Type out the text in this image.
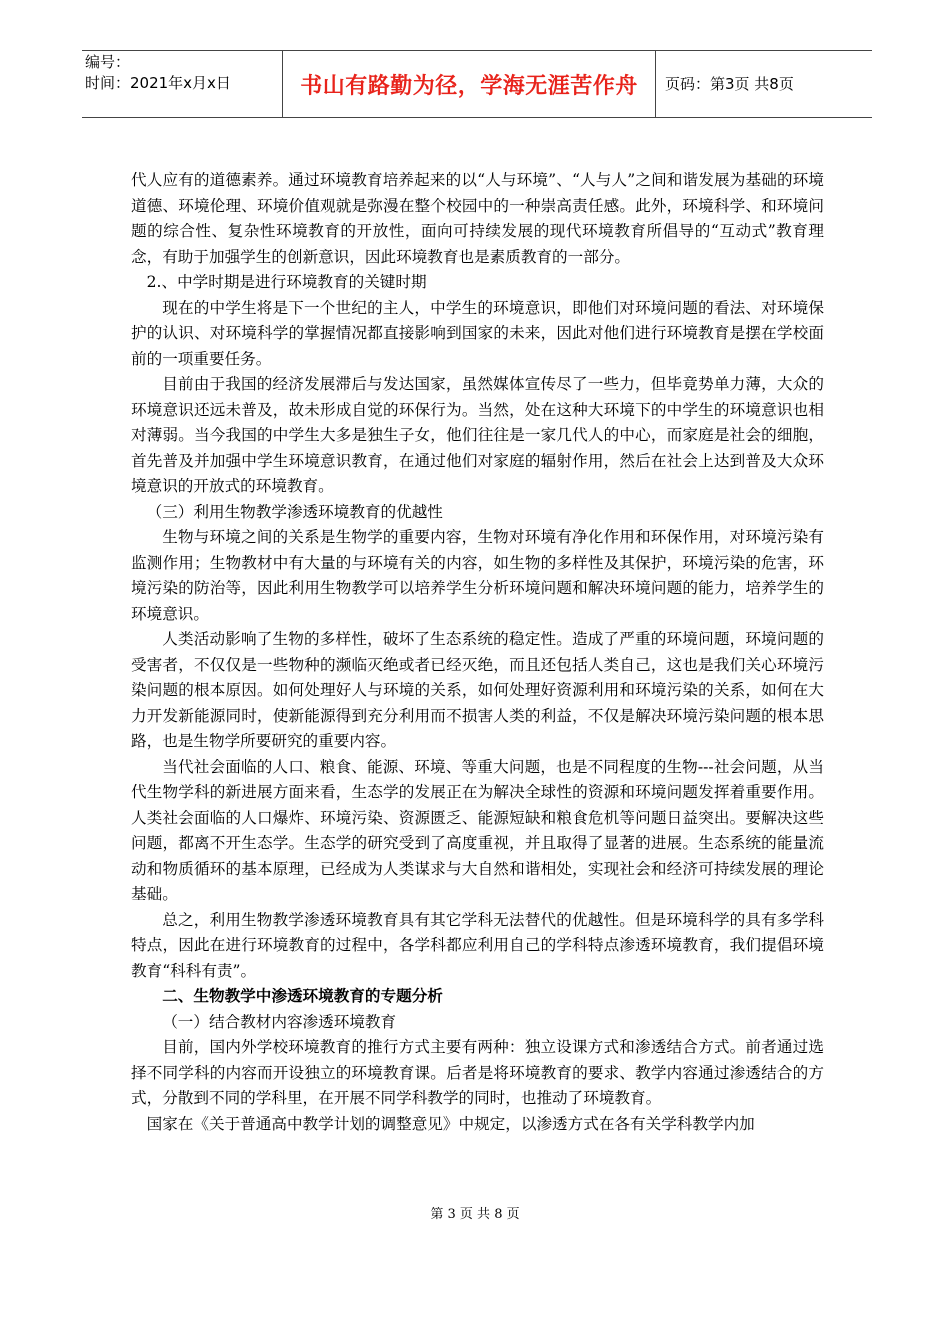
编号：
时间：2021年x月x日	书山有路勤为径，学海无涯苦作舟	页码：第3页 共8页

代人应有的道德素养。通过环境教育培养起来的以“人与环境”、“人与人”之间和谐发展为基础的环境道德、环境伦理、环境价值观就是弥漫在整个校园中的一种崇高责任感。此外，环境科学、和环境问题的综合性、复杂性环境教育的开放性，面向可持续发展的现代环境教育所倡导的“互动式”教育理念，有助于加强学生的创新意识，因此环境教育也是素质教育的一部分。

2.、中学时期是进行环境教育的关键时期

现在的中学生将是下一个世纪的主人，中学生的环境意识，即他们对环境问题的看法、对环境保护的认识、对环境科学的掌握情况都直接影响到国家的未来，因此对他们进行环境教育是摆在学校面前的一项重要任务。

目前由于我国的经济发展滞后与发达国家，虽然媒体宣传尽了一些力，但毕竟势单力薄，大众的环境意识还远未普及，故未形成自觉的环保行为。当然，处在这种大环境下的中学生的环境意识也相对薄弱。当今我国的中学生大多是独生子女，他们往往是一家几代人的中心，而家庭是社会的细胞，首先普及并加强中学生环境意识教育，在通过他们对家庭的辐射作用，然后在社会上达到普及大众环境意识的开放式的环境教育。

（三）利用生物教学渗透环境教育的优越性

生物与环境之间的关系是生物学的重要内容，生物对环境有净化作用和环保作用，对环境污染有监测作用；生物教材中有大量的与环境有关的内容，如生物的多样性及其保护，环境污染的危害，环境污染的防治等，因此利用生物教学可以培养学生分析环境问题和解决环境问题的能力，培养学生的环境意识。

人类活动影响了生物的多样性，破坏了生态系统的稳定性。造成了严重的环境问题，环境问题的受害者，不仅仅是一些物种的濒临灭绝或者已经灭绝，而且还包括人类自己，这也是我们关心环境污染问题的根本原因。如何处理好人与环境的关系，如何处理好资源利用和环境污染的关系，如何在大力开发新能源同时，使新能源得到充分利用而不损害人类的利益，不仅是解决环境污染问题的根本思路，也是生物学所要研究的重要内容。

当代社会面临的人口、粮食、能源、环境、等重大问题，也是不同程度的生物---社会问题，从当代生物学科的新进展方面来看，生态学的发展正在为解决全球性的资源和环境问题发挥着重要作用。人类社会面临的人口爆炸、环境污染、资源匮乏、能源短缺和粮食危机等问题日益突出。要解决这些问题，都离不开生态学。生态学的研究受到了高度重视，并且取得了显著的进展。生态系统的能量流动和物质循环的基本原理，已经成为人类谋求与大自然和谐相处，实现社会和经济可持续发展的理论基础。

总之，利用生物教学渗透环境教育具有其它学科无法替代的优越性。但是环境科学的具有多学科特点，因此在进行环境教育的过程中，各学科都应利用自己的学科特点渗透环境教育，我们提倡环境教育“科科有责”。

二、生物教学中渗透环境教育的专题分析

（一）结合教材内容渗透环境教育

目前，国内外学校环境教育的推行方式主要有两种：独立设课方式和渗透结合方式。前者通过选择不同学科的内容而开设独立的环境教育课。后者是将环境教育的要求、教学内容通过渗透结合的方式，分散到不同的学科里，在开展不同学科教学的同时，也推动了环境教育。

国家在《关于普通高中教学计划的调整意见》中规定，以渗透方式在各有关学科教学内加

第 3 页 共 8 页
